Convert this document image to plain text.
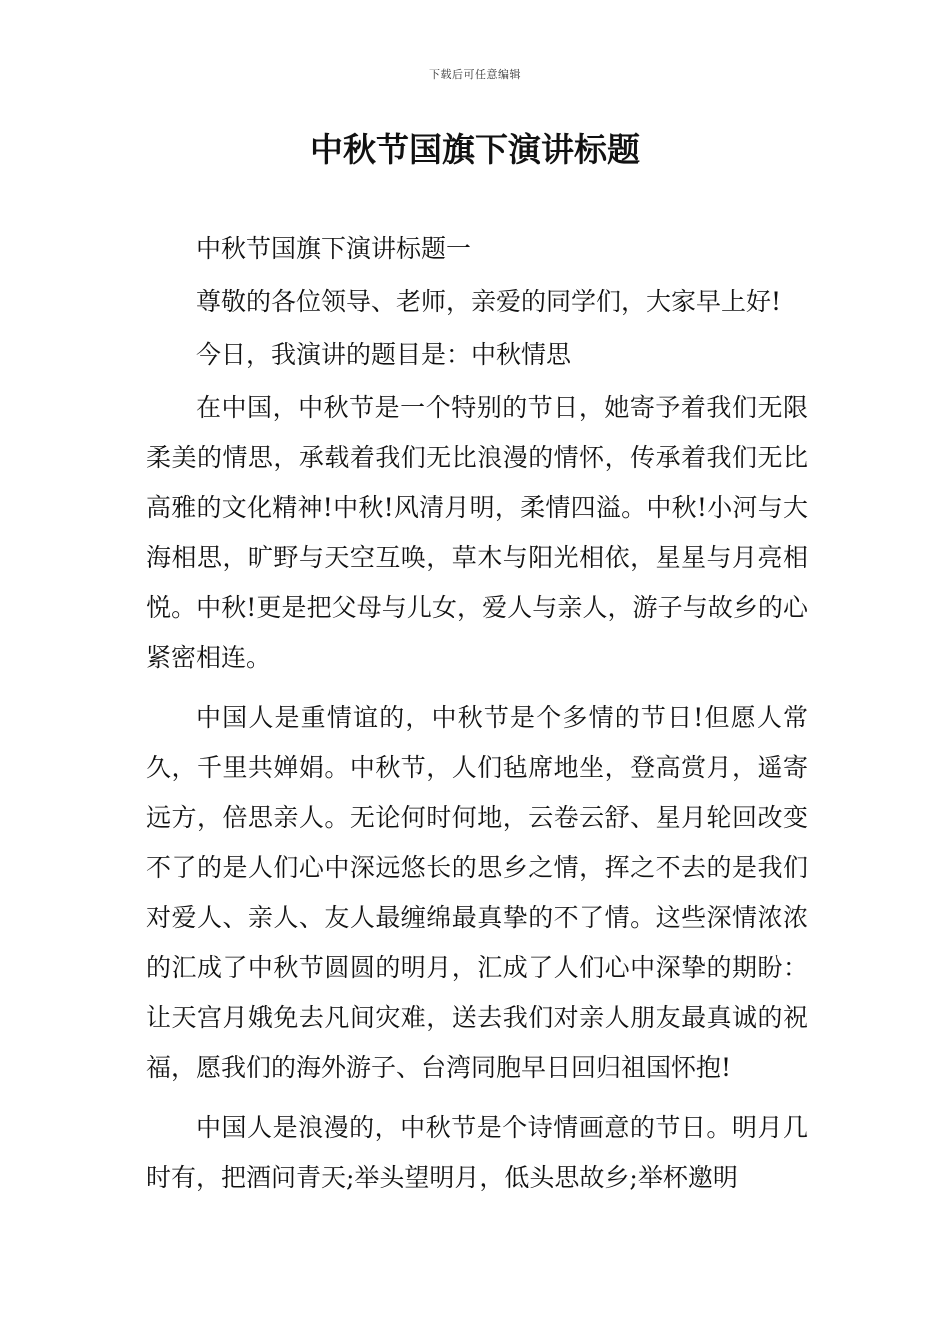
下载后可任意编辑
中秋节国旗下演讲标题

中秋节国旗下演讲标题一

尊敬的各位领导、老师，亲爱的同学们，大家早上好!

今日，我演讲的题目是：中秋情思

在中国，中秋节是一个特别的节日，她寄予着我们无限柔美的情思，承载着我们无比浪漫的情怀，传承着我们无比高雅的文化精神!中秋!风清月明，柔情四溢。中秋!小河与大海相思，旷野与天空互唤，草木与阳光相依，星星与月亮相悦。中秋!更是把父母与儿女，爱人与亲人，游子与故乡的心紧密相连。

中国人是重情谊的，中秋节是个多情的节日!但愿人常久，千里共婵娟。中秋节，人们毡席地坐，登高赏月，遥寄远方，倍思亲人。无论何时何地，云卷云舒、星月轮回改变不了的是人们心中深远悠长的思乡之情，挥之不去的是我们对爱人、亲人、友人最缠绵最真挚的不了情。这些深情浓浓的汇成了中秋节圆圆的明月，汇成了人们心中深挚的期盼：让天宫月娥免去凡间灾难，送去我们对亲人朋友最真诚的祝福，愿我们的海外游子、台湾同胞早日回归祖国怀抱!

中国人是浪漫的，中秋节是个诗情画意的节日。明月几时有，把酒问青天;举头望明月，低头思故乡;举杯邀明
